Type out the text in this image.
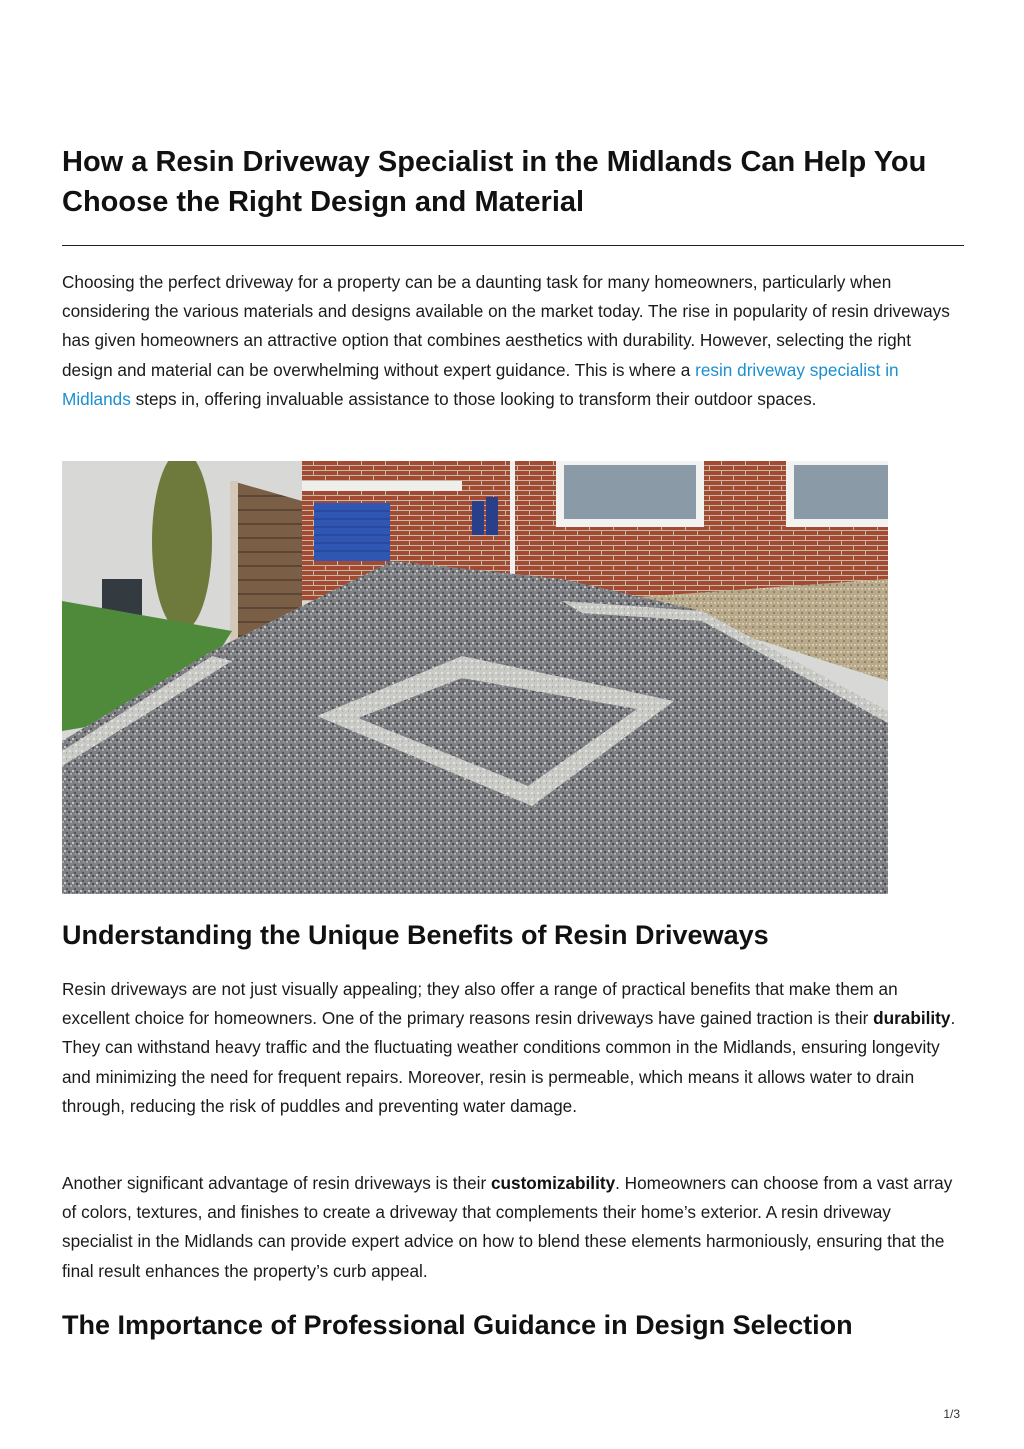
How a Resin Driveway Specialist in the Midlands Can Help You Choose the Right Design and Material

Choosing the perfect driveway for a property can be a daunting task for many homeowners, particularly when considering the various materials and designs available on the market today. The rise in popularity of resin driveways has given homeowners an attractive option that combines aesthetics with durability. However, selecting the right design and material can be overwhelming without expert guidance. This is where a resin driveway specialist in Midlands steps in, offering invaluable assistance to those looking to transform their outdoor spaces.

Understanding the Unique Benefits of Resin Driveways

Resin driveways are not just visually appealing; they also offer a range of practical benefits that make them an excellent choice for homeowners. One of the primary reasons resin driveways have gained traction is their durability. They can withstand heavy traffic and the fluctuating weather conditions common in the Midlands, ensuring longevity and minimizing the need for frequent repairs. Moreover, resin is permeable, which means it allows water to drain through, reducing the risk of puddles and preventing water damage.

Another significant advantage of resin driveways is their customizability. Homeowners can choose from a vast array of colors, textures, and finishes to create a driveway that complements their home’s exterior. A resin driveway specialist in the Midlands can provide expert advice on how to blend these elements harmoniously, ensuring that the final result enhances the property’s curb appeal.

The Importance of Professional Guidance in Design Selection
1/3
